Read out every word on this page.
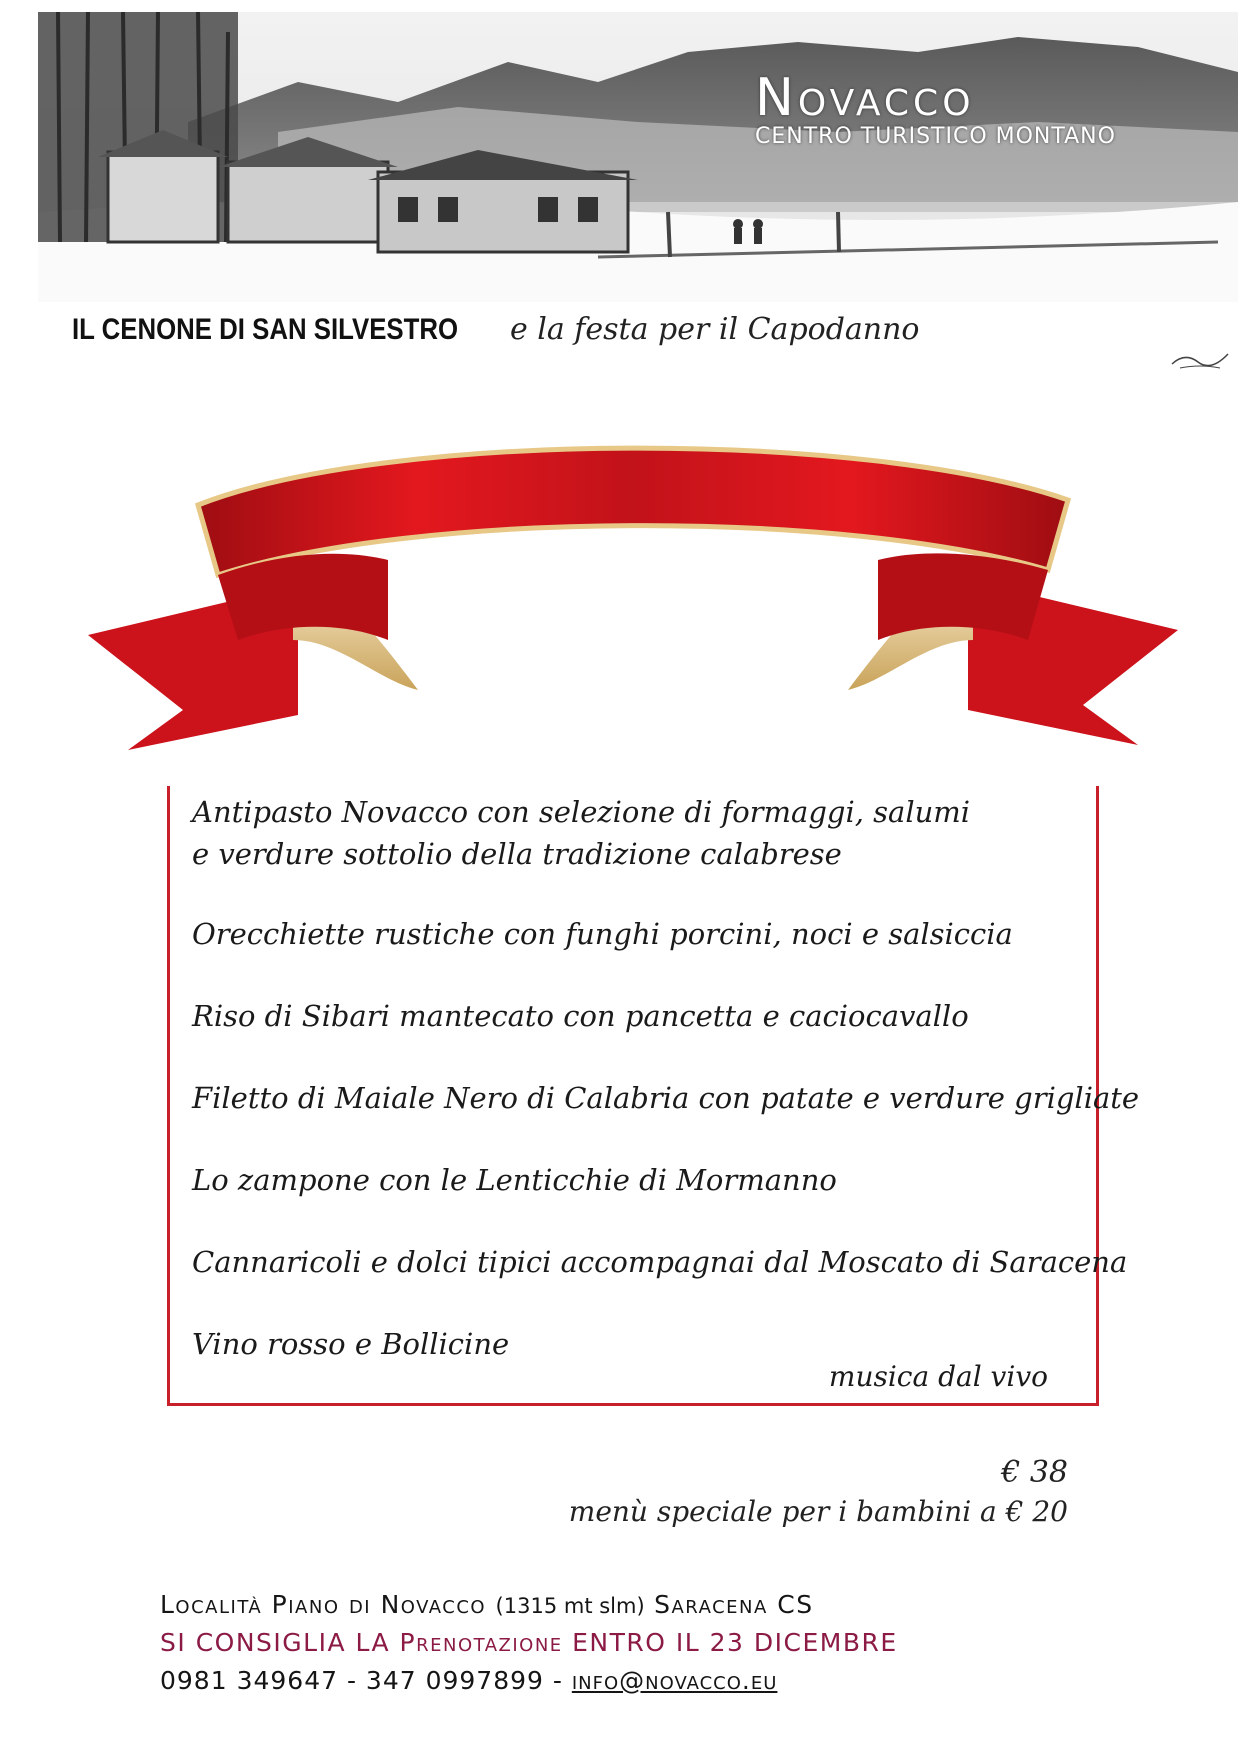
Novacco
CENTRO TURISTICO MONTANO
IL CENONE DI SAN SILVESTRO e la festa per il Capodanno
Antipasto Novacco con selezione di formaggi, salumi
e verdure sottolio della tradizione calabrese
Orecchiette rustiche con funghi porcini, noci e salsiccia
Riso di Sibari mantecato con pancetta e caciocavallo
Filetto di Maiale Nero di Calabria con patate e verdure grigliate
Lo zampone con le Lenticchie di Mormanno
Cannaricoli e dolci tipici accompagnai dal Moscato di Saracena
Vino rosso e Bollicine
musica dal vivo
€ 38
menù speciale per i bambini a € 20
Località Piano di Novacco (1315 mt slm) Saracena CS
SI CONSIGLIA LA Prenotazione ENTRO IL 23 DICEMBRE
0981 349647 - 347 0997899 - info@novacco.eu
